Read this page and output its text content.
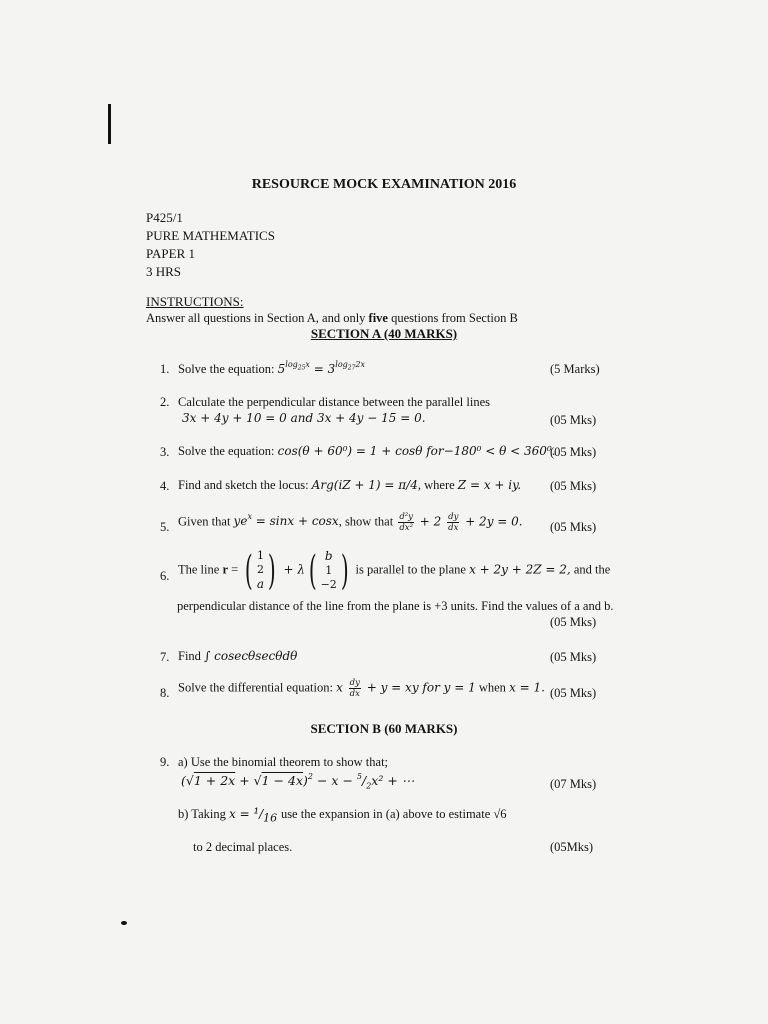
RESOURCE MOCK EXAMINATION 2016
P425/1
PURE MATHEMATICS
PAPER 1
3 HRS
INSTRUCTIONS:
Answer all questions in Section A, and only five questions from Section B
SECTION A (40 MARKS)
1. Solve the equation: $5^{log_{25}x} = 3^{log_{27}2x}$	(5 Marks)
2. Calculate the perpendicular distance between the parallel lines
3x + 4y + 10 = 0 and 3x + 4y − 15 = 0.	(05 Mks)
3. Solve the equation: cos(θ + 60⁰) = 1 + cosθ for−180⁰ < θ < 360⁰.
(05 Mks)
4. Find and sketch the locus: Arg(iZ + 1) = π/4, where Z = x + iy. (05 Mks)
5. Given that $ye^x = \sin x + \cos x$, show that $\frac{\text{d²y}}{\text{dx²}} + 2 \frac{dy}{dx} + 2y = 0$. (05 Mks)
6. The line r = ( 1
2
a) + λ( b
1
−2) is parallel to the plane x + 2y + 2Z = 2, and the
perpendicular distance of the line from the plane is +3 units. Find the values of a and b.
(05 Mks)
7. Find ∫ cosecθsecθdθ	(05 Mks)
8. Solve the differential equation: x $\frac{dy}{dx} + y$ = xy for y = 1 when x = 1. (05 Mks)
SECTION B (60 MARKS)
9. a) Use the binomial theorem to show that;
$(√1 + 2x + √1 - 4x)^2 - x - ^5/_2x^2$ + ⋯	(07 Mks)
b) Taking $x = ^1/_{16}$ use the expansion in (a) above to estimate √6
to 2 decimal places.	(05Mks)
